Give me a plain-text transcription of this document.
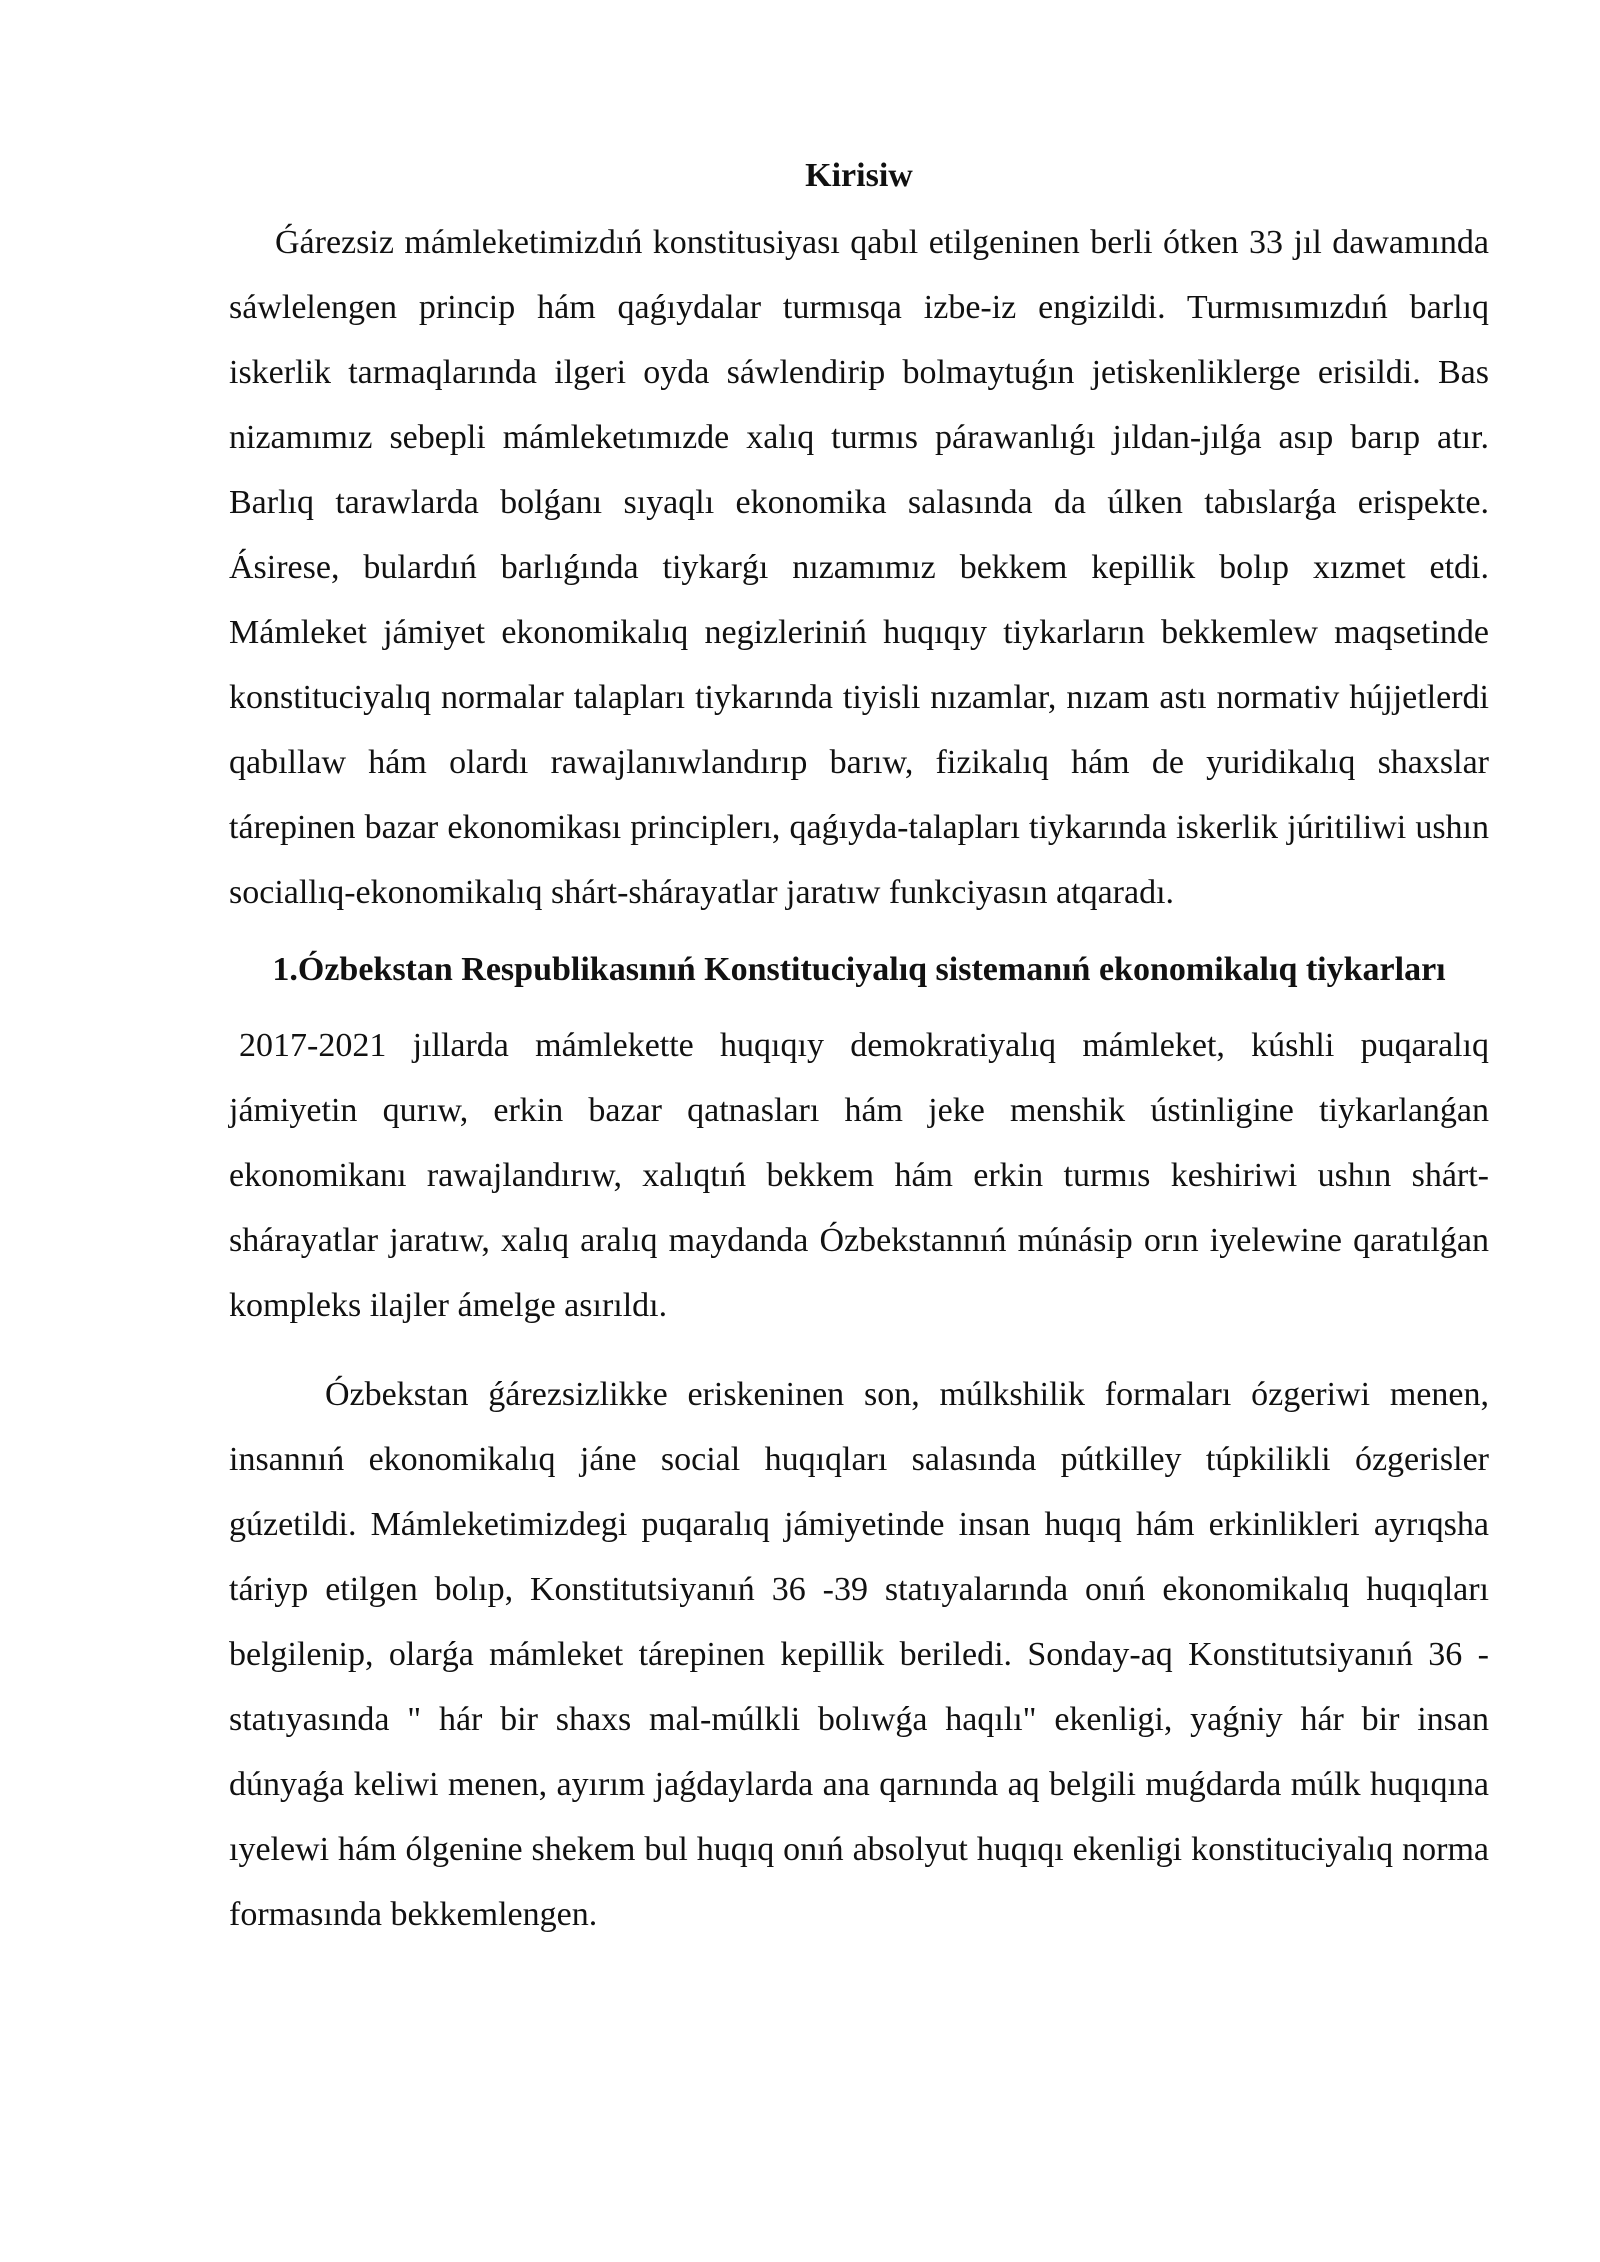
Kirisiw

Ǵárezsiz mámleketimizdıń konstitusiyası qabıl etilgeninen berli ótken 33 jıl dawamında sáwlelengen princip hám qaǵıydalar turmısqa izbe-iz engizildi. Turmısımızdıń barlıq iskerlik tarmaqlarında ilgeri oyda sáwlendirip bolmaytuǵın jetiskenliklerge erisildi. Bas nizamımız sebepli mámleketımızde xalıq turmıs párawanlıǵı jıldan-jılǵa asıp barıp atır. Barlıq tarawlarda bolǵanı sıyaqlı ekonomika salasında da úlken tabıslarǵa erispekte. Ásirese, bulardıń barlıǵında tiykarǵı nızamımız bekkem kepillik bolıp xızmet etdi. Mámleket jámiyet ekonomikalıq negizleriniń huqıqıy tiykarların bekkemlew maqsetinde konstituciyalıq normalar talapları tiykarında tiyisli nızamlar, nızam astı normativ hújjetlerdi qabıllaw hám olardı rawajlanıwlandırıp barıw, fizikalıq hám de yuridikalıq shaxslar tárepinen bazar ekonomikası principlerı, qaǵıyda-talapları tiykarında iskerlik júritiliwi ushın sociallıq-ekonomikalıq shárt-shárayatlar jaratıw funkciyasın atqaradı.

1.Ózbekstan Respublikasınıń Konstituciyalıq sistemanıń ekonomikalıq tiykarları

2017-2021 jıllarda mámlekette huqıqıy demokratiyalıq mámleket, kúshli puqaralıq jámiyetin qurıw, erkin bazar qatnasları hám jeke menshik ústinligine tiykarlanǵan ekonomikanı rawajlandırıw, xalıqtıń bekkem hám erkin turmıs keshiriwi ushın shárt-shárayatlar jaratıw, xalıq aralıq maydanda Ózbekstannıń múnásip orın iyelewine qaratılǵan kompleks ilajler ámelge asırıldı.

Ózbekstan ǵárezsizlikke eriskeninen son, múlkshilik formaları ózgeriwi menen, insannıń ekonomikalıq jáne social huqıqları salasında pútkilley túpkilikli ózgerisler gúzetildi. Mámleketimizdegi puqaralıq jámiyetinde insan huqıq hám erkinlikleri ayrıqsha táriyp etilgen bolıp, Konstitutsiyanıń 36 -39 statıyalarında onıń ekonomikalıq huqıqları belgilenip, olarǵa mámleket tárepinen kepillik beriledi. Sonday-aq Konstitutsiyanıń 36 -statıyasında " hár bir shaxs mal-múlkli bolıwǵa haqılı" ekenligi, yaǵniy hár bir insan dúnyaǵa keliwi menen, ayırım jaǵdaylarda ana qarnında aq belgili muǵdarda múlk huqıqına ıyelewi hám ólgenine shekem bul huqıq onıń absolyut huqıqı ekenligi konstituciyalıq norma formasında bekkemlengen.
